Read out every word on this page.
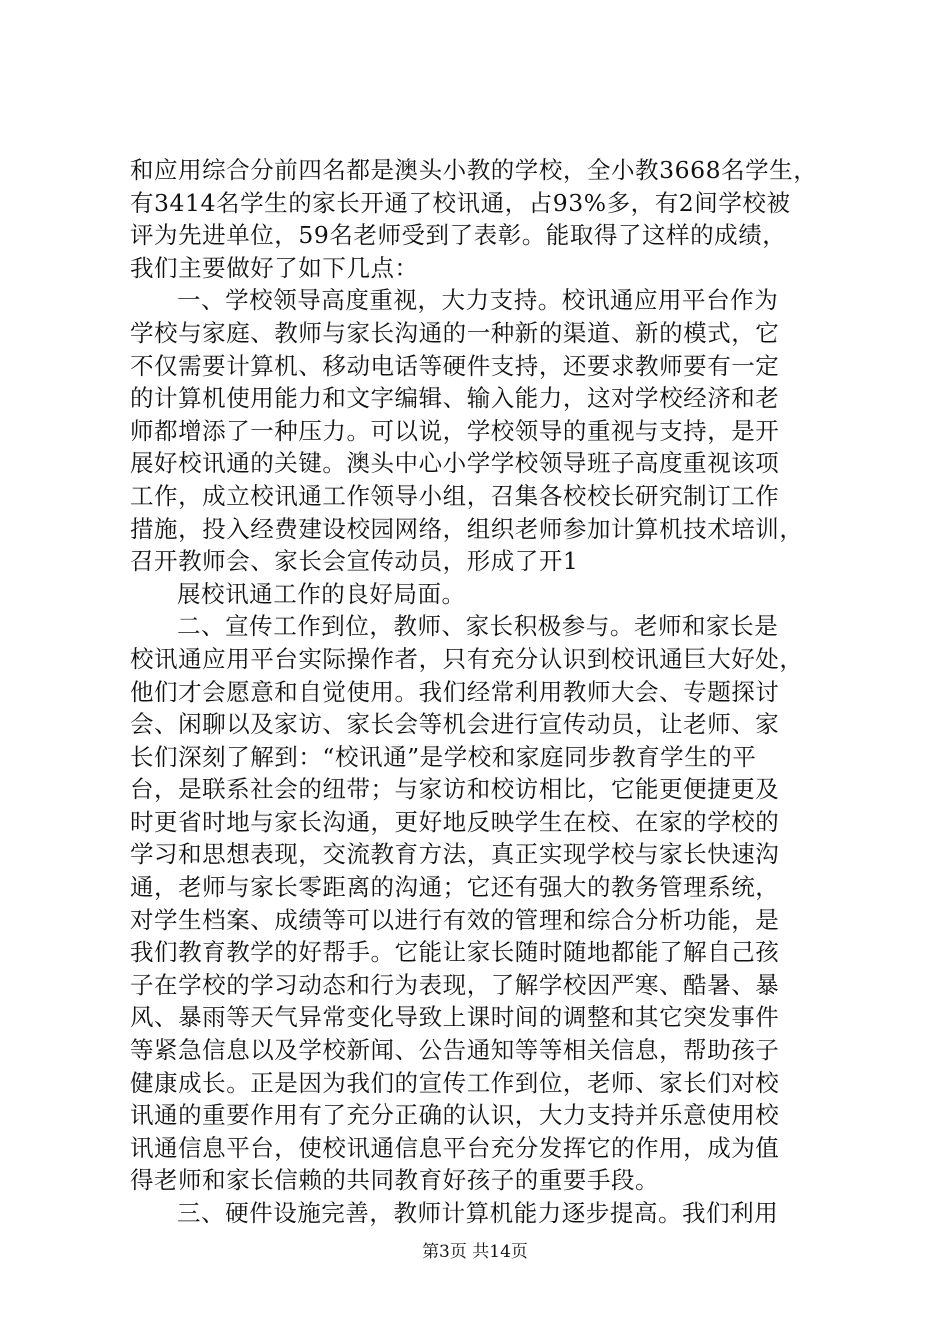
和应用综合分前四名都是澳头小教的学校，全小教3668名学生，
有3414名学生的家长开通了校讯通，占93%多，有2间学校被
评为先进单位，59名老师受到了表彰。能取得了这样的成绩，
我们主要做好了如下几点：
一、学校领导高度重视，大力支持。校讯通应用平台作为
学校与家庭、教师与家长沟通的一种新的渠道、新的模式，它
不仅需要计算机、移动电话等硬件支持，还要求教师要有一定
的计算机使用能力和文字编辑、输入能力，这对学校经济和老
师都增添了一种压力。可以说，学校领导的重视与支持，是开
展好校讯通的关键。澳头中心小学学校领导班子高度重视该项
工作，成立校讯通工作领导小组，召集各校校长研究制订工作
措施，投入经费建设校园网络，组织老师参加计算机技术培训，
召开教师会、家长会宣传动员，形成了开1
展校讯通工作的良好局面。
二、宣传工作到位，教师、家长积极参与。老师和家长是
校讯通应用平台实际操作者，只有充分认识到校讯通巨大好处，
他们才会愿意和自觉使用。我们经常利用教师大会、专题探讨
会、闲聊以及家访、家长会等机会进行宣传动员，让老师、家
长们深刻了解到：“校讯通”是学校和家庭同步教育学生的平
台，是联系社会的纽带；与家访和校访相比，它能更便捷更及
时更省时地与家长沟通，更好地反映学生在校、在家的学校的
学习和思想表现，交流教育方法，真正实现学校与家长快速沟
通，老师与家长零距离的沟通；它还有强大的教务管理系统，
对学生档案、成绩等可以进行有效的管理和综合分析功能，是
我们教育教学的好帮手。它能让家长随时随地都能了解自己孩
子在学校的学习动态和行为表现，了解学校因严寒、酷暑、暴
风、暴雨等天气异常变化导致上课时间的调整和其它突发事件
等紧急信息以及学校新闻、公告通知等等相关信息，帮助孩子
健康成长。正是因为我们的宣传工作到位，老师、家长们对校
讯通的重要作用有了充分正确的认识，大力支持并乐意使用校
讯通信息平台，使校讯通信息平台充分发挥它的作用，成为值
得老师和家长信赖的共同教育好孩子的重要手段。
三、硬件设施完善，教师计算机能力逐步提高。我们利用
第3页 共14页
